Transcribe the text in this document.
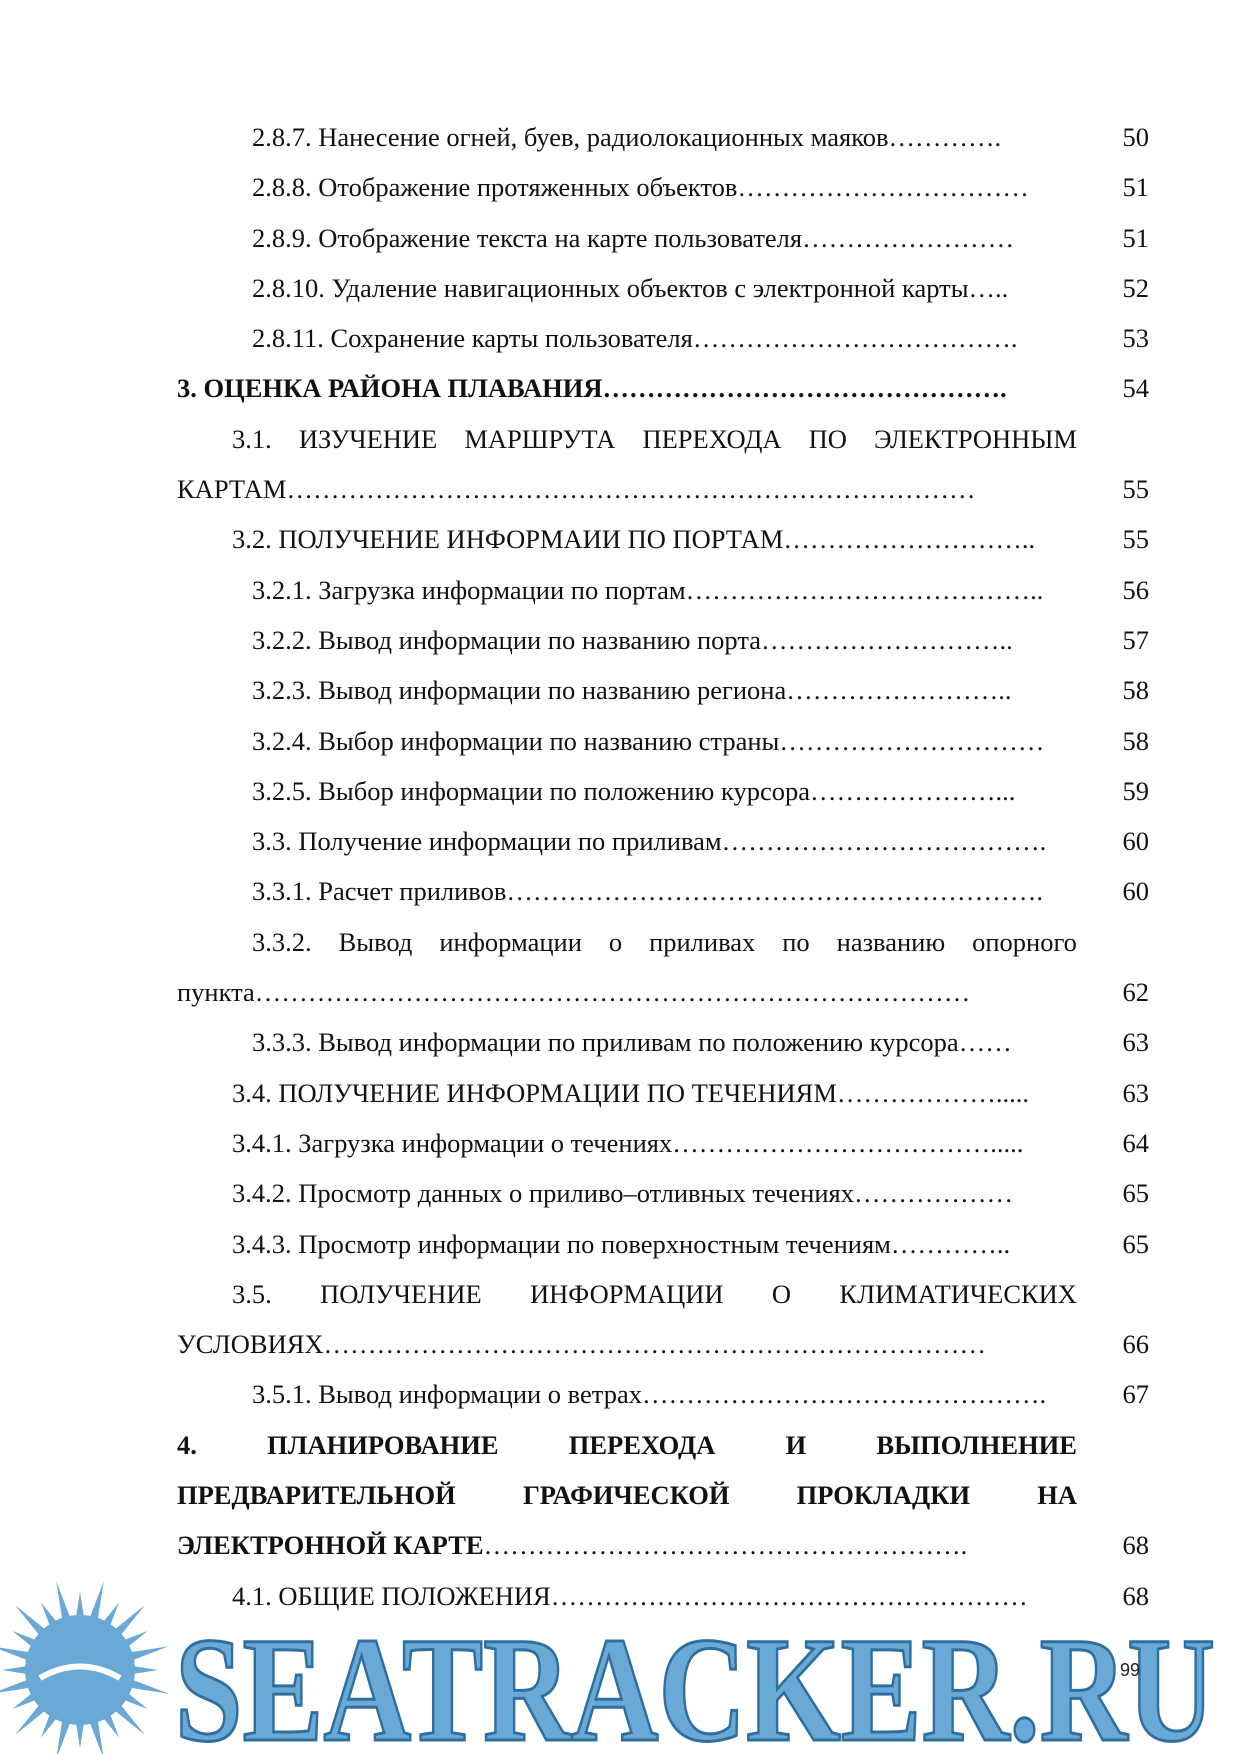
2.8.7. Нанесение огней, буев, радиолокационных маяков………….	50
2.8.8. Отображение протяженных объектов……………………………	51
2.8.9. Отображение текста на карте пользователя……………………	51
2.8.10. Удаление навигационных объектов с электронной карты…..	52
2.8.11. Сохранение карты пользователя……………………………….	53
3. ОЦЕНКА РАЙОНА ПЛАВАНИЯ……………………………………….	54
3.1. ИЗУЧЕНИЕ МАРШРУТА ПЕРЕХОДА ПО ЭЛЕКТРОННЫМ
КАРТАМ……………………………………………………………………	55
3.2. ПОЛУЧЕНИЕ ИНФОРМАИИ ПО ПОРТАМ………………………..	55
3.2.1. Загрузка информации по портам…………………………………..	56
3.2.2. Вывод информации по названию порта………………………..	57
3.2.3. Вывод информации по названию региона……………………..	58
3.2.4. Выбор информации по названию страны…………………………	58
3.2.5. Выбор информации по положению курсора…………………...	59
3.3. Получение информации по приливам……………………………….	60
3.3.1. Расчет приливов…………………………………………………….	60
3.3.2. Вывод информации о приливах по названию опорного
пункта………………………………………………………………………	62
3.3.3. Вывод информации по приливам по положению курсора……	63
3.4. ПОЛУЧЕНИЕ ИНФОРМАЦИИ ПО ТЕЧЕНИЯМ……………….....	63
3.4.1. Загрузка информации о течениях……………………………….....	64
3.4.2. Просмотр данных о приливо–отливных течениях………………	65
3.4.3. Просмотр информации по поверхностным течениям…………..	65
3.5. ПОЛУЧЕНИЕ ИНФОРМАЦИИ О КЛИМАТИЧЕСКИХ
УСЛОВИЯХ…………………………………………………………………	66
3.5.1. Вывод информации о ветрах……………………………………….	67
4.	ПЛАНИРОВАНИЕ	ПЕРЕХОДА	И	ВЫПОЛНЕНИЕ
ПРЕДВАРИТЕЛЬНОЙ	ГРАФИЧЕСКОЙ	ПРОКЛАДКИ	НА
ЭЛЕКТРОННОЙ КАРТЕ……………………………………………….	68
4.1. ОБЩИЕ ПОЛОЖЕНИЯ………………………………………………	68
SEATRACKER.RU
99
